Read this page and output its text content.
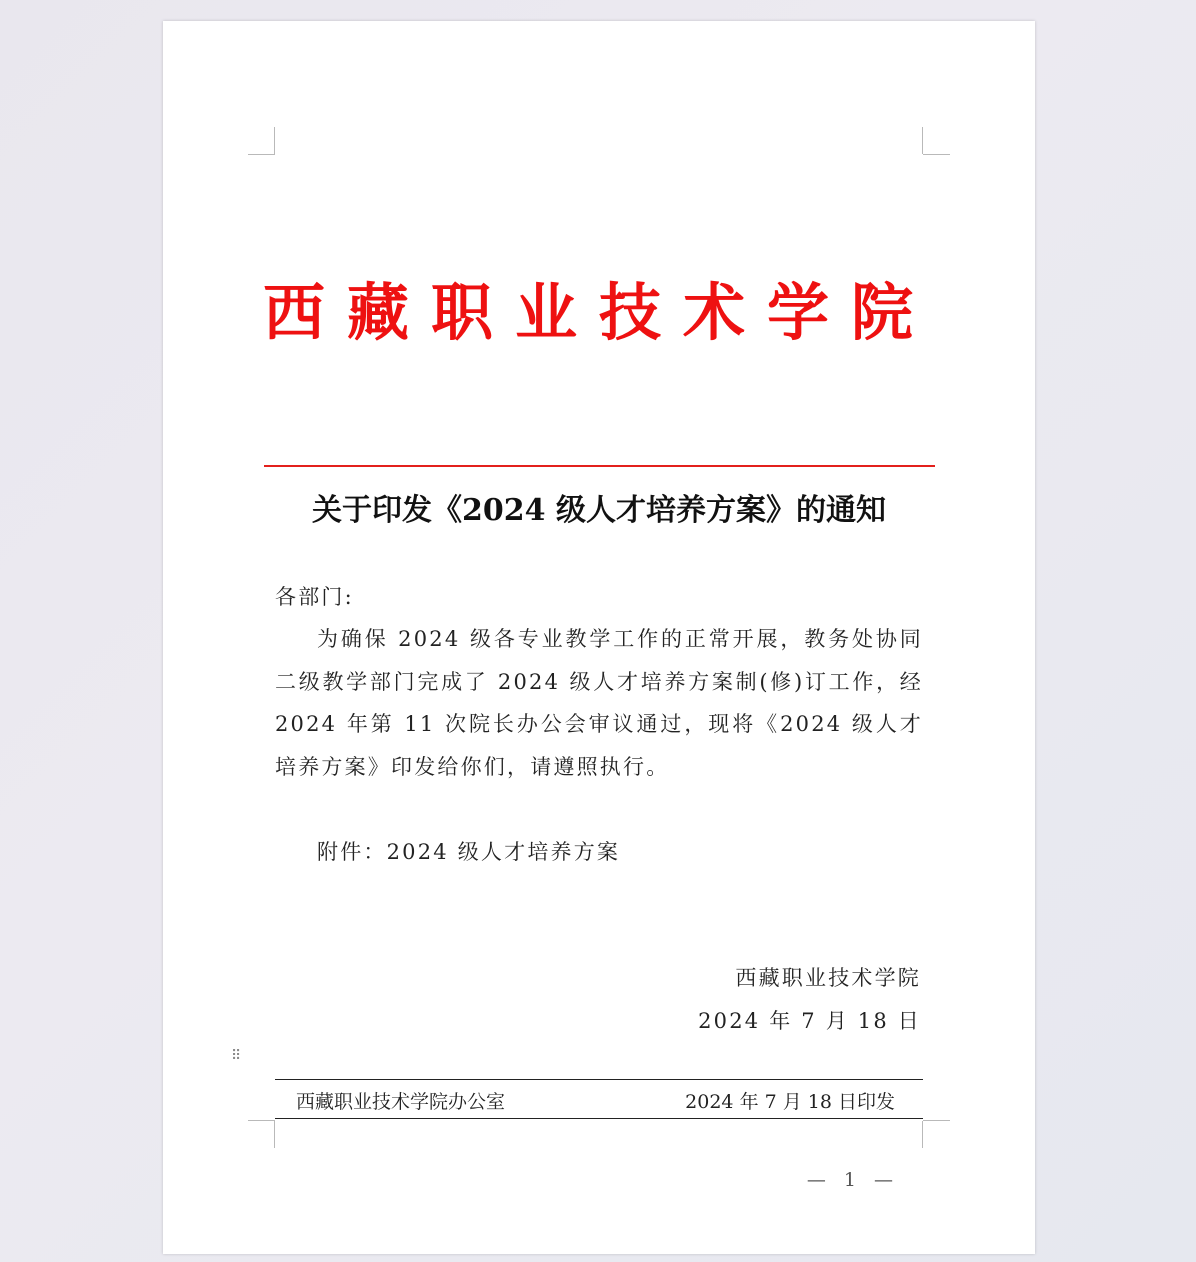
西藏职业技术学院
关于印发《2024 级人才培养方案》的通知
各部门:
为确保 2024 级各专业教学工作的正常开展，教务处协同二级教学部门完成了 2024 级人才培养方案制(修)订工作，经 2024 年第 11 次院长办公会审议通过，现将《2024 级人才培养方案》印发给你们，请遵照执行。
附件：2024 级人才培养方案
西藏职业技术学院
2024 年 7 月 18 日
⠿
西藏职业技术学院办公室	2024 年 7 月 18 日印发
— 1 —
